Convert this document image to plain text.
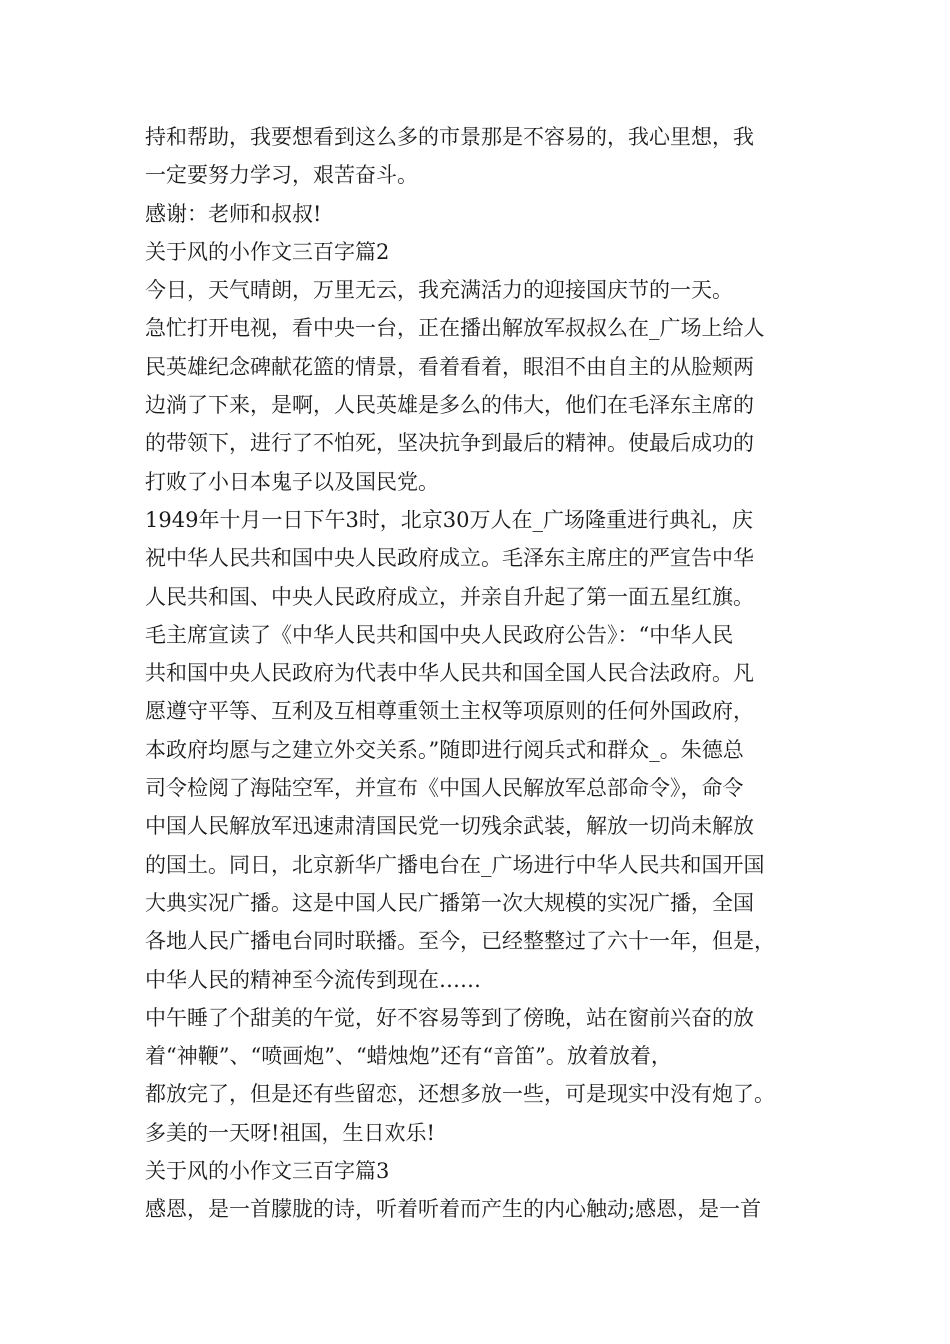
持和帮助，我要想看到这么多的市景那是不容易的，我心里想，我
一定要努力学习，艰苦奋斗。
感谢：老师和叔叔!
关于风的小作文三百字篇2
今日，天气晴朗，万里无云，我充满活力的迎接国庆节的一天。
急忙打开电视，看中央一台，正在播出解放军叔叔么在_广场上给人
民英雄纪念碑献花篮的情景，看着看着，眼泪不由自主的从脸颊两
边淌了下来，是啊，人民英雄是多么的伟大，他们在毛泽东主席的
的带领下，进行了不怕死，坚决抗争到最后的精神。使最后成功的
打败了小日本鬼子以及国民党。
1949年十月一日下午3时，北京30万人在_广场隆重进行典礼，庆
祝中华人民共和国中央人民政府成立。毛泽东主席庄的严宣告中华
人民共和国、中央人民政府成立，并亲自升起了第一面五星红旗。
毛主席宣读了《中华人民共和国中央人民政府公告》：“中华人民
共和国中央人民政府为代表中华人民共和国全国人民合法政府。凡
愿遵守平等、互利及互相尊重领土主权等项原则的任何外国政府，
本政府均愿与之建立外交关系。”随即进行阅兵式和群众_。朱德总
司令检阅了海陆空军，并宣布《中国人民解放军总部命令》，命令
中国人民解放军迅速肃清国民党一切残余武装，解放一切尚未解放
的国土。同日，北京新华广播电台在_广场进行中华人民共和国开国
大典实况广播。这是中国人民广播第一次大规模的实况广播，全国
各地人民广播电台同时联播。至今，已经整整过了六十一年，但是，
中华人民的精神至今流传到现在……
中午睡了个甜美的午觉，好不容易等到了傍晚，站在窗前兴奋的放
着“神鞭”、“喷画炮”、“蜡烛炮”还有“音笛”。放着放着，
都放完了，但是还有些留恋，还想多放一些，可是现实中没有炮了。
多美的一天呀!祖国，生日欢乐!
关于风的小作文三百字篇3
感恩，是一首朦胧的诗，听着听着而产生的内心触动;感恩，是一首
